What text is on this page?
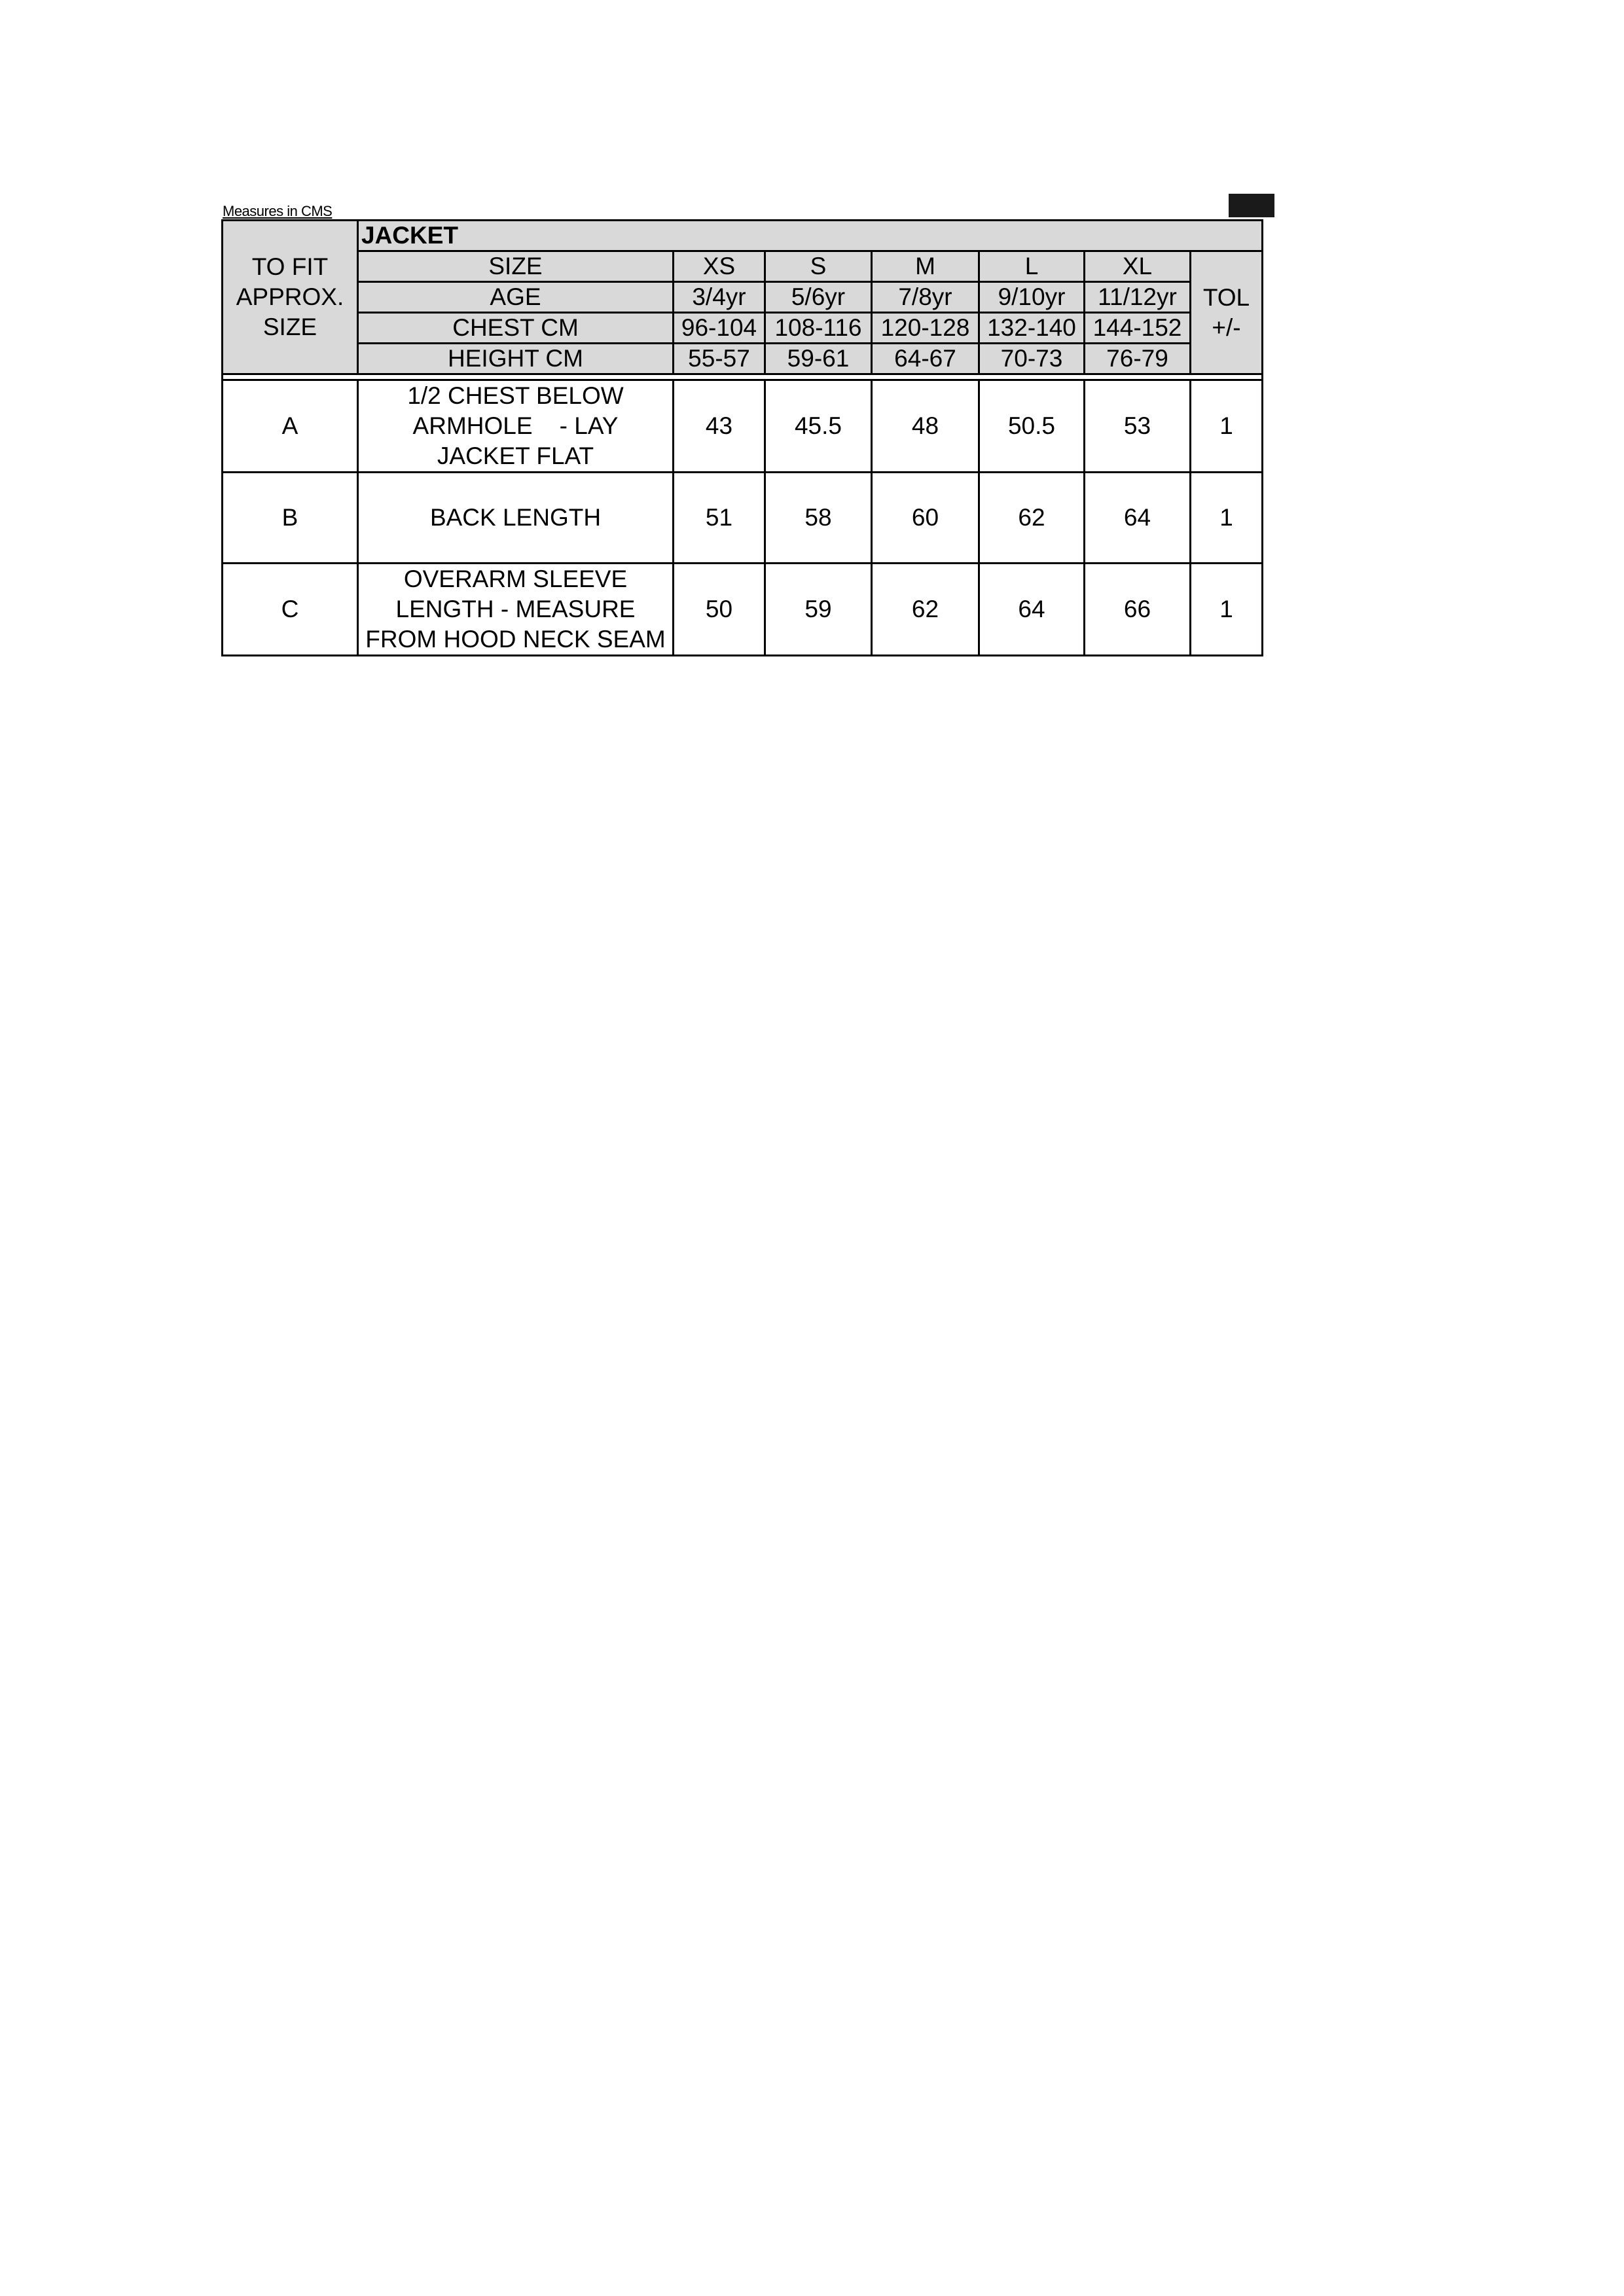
Measures in CMS
TO FIT
APPROX.
SIZE	JACKET						
	SIZE	XS	S	M	L	XL	TOL
+/-

	AGE	3/4yr	5/6yr	7/8yr	9/10yr	11/12yr	
	CHEST CM	96-104	108-116	120-128	132-140	144-152	
	HEIGHT CM	55-57	59-61	64-67	70-73	76-79	

A	1/2 CHEST BELOW
ARMHOLE    - LAY
JACKET FLAT	43	45.5	48	50.5	53	1
B	BACK LENGTH	51	58	60	62	64	1
C	OVERARM SLEEVE
LENGTH - MEASURE
FROM HOOD NECK SEAM	50	59	62	64	66	1
